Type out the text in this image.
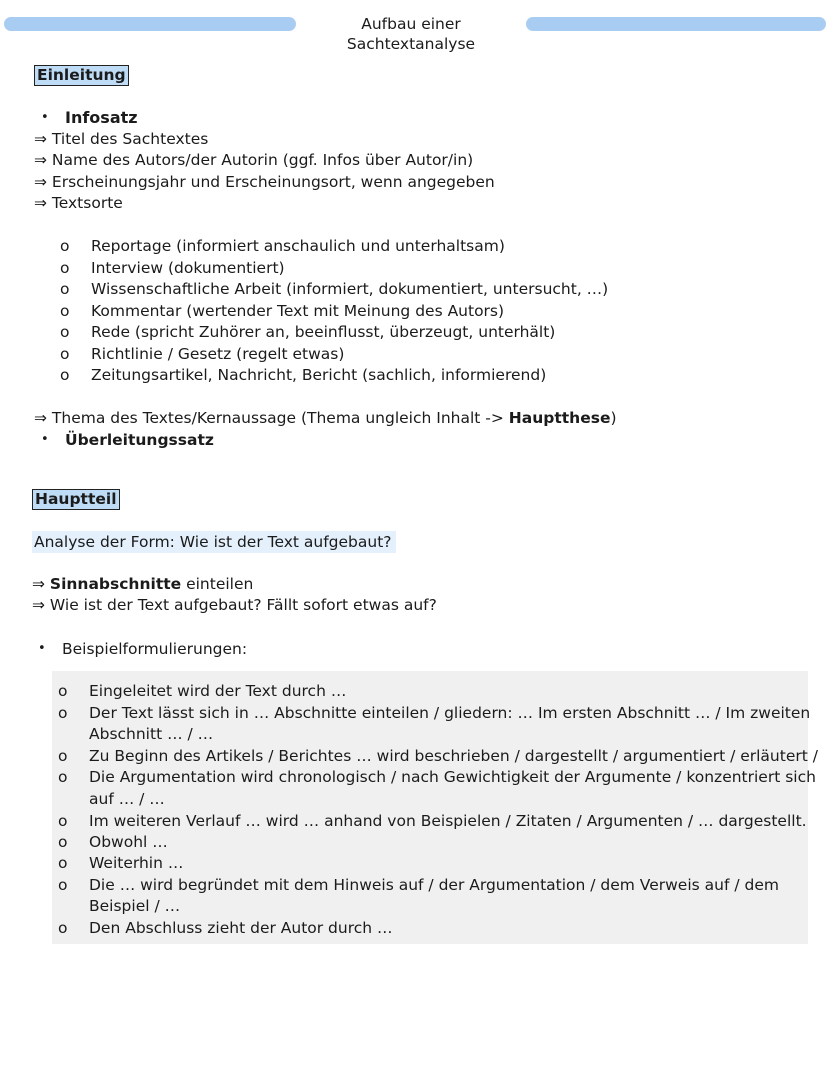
Aufbau einer Sachtextanalyse
Einleitung
• Infosatz
⇒ Titel des Sachtextes
⇒ Name des Autors/der Autorin (ggf. Infos über Autor/in)
⇒ Erscheinungsjahr und Erscheinungsort, wenn angegeben
⇒ Textsorte
o Reportage (informiert anschaulich und unterhaltsam)
o Interview (dokumentiert)
o Wissenschaftliche Arbeit (informiert, dokumentiert, untersucht, …)
o Kommentar (wertender Text mit Meinung des Autors)
o Rede (spricht Zuhörer an, beeinflusst, überzeugt, unterhält)
o Richtlinie / Gesetz (regelt etwas)
o Zeitungsartikel, Nachricht, Bericht (sachlich, informierend)
⇒ Thema des Textes/Kernaussage (Thema ungleich Inhalt -> Hauptthese)
• Überleitungssatz
Hauptteil
Analyse der Form: Wie ist der Text aufgebaut?
⇒ Sinnabschnitte einteilen
⇒ Wie ist der Text aufgebaut? Fällt sofort etwas auf?
• Beispielformulierungen:
o Eingeleitet wird der Text durch …
o Der Text lässt sich in … Abschnitte einteilen / gliedern: … Im ersten Abschnitt … / Im zweiten
Abschnitt … / …
o Zu Beginn des Artikels / Berichtes … wird beschrieben / dargestellt / argumentiert / erläutert /
o Die Argumentation wird chronologisch / nach Gewichtigkeit der Argumente / konzentriert sich
auf … / …
o Im weiteren Verlauf … wird … anhand von Beispielen / Zitaten / Argumenten / … dargestellt.
o Obwohl …
o Weiterhin …
o Die … wird begründet mit dem Hinweis auf / der Argumentation / dem Verweis auf / dem
Beispiel / …
o Den Abschluss zieht der Autor durch …
